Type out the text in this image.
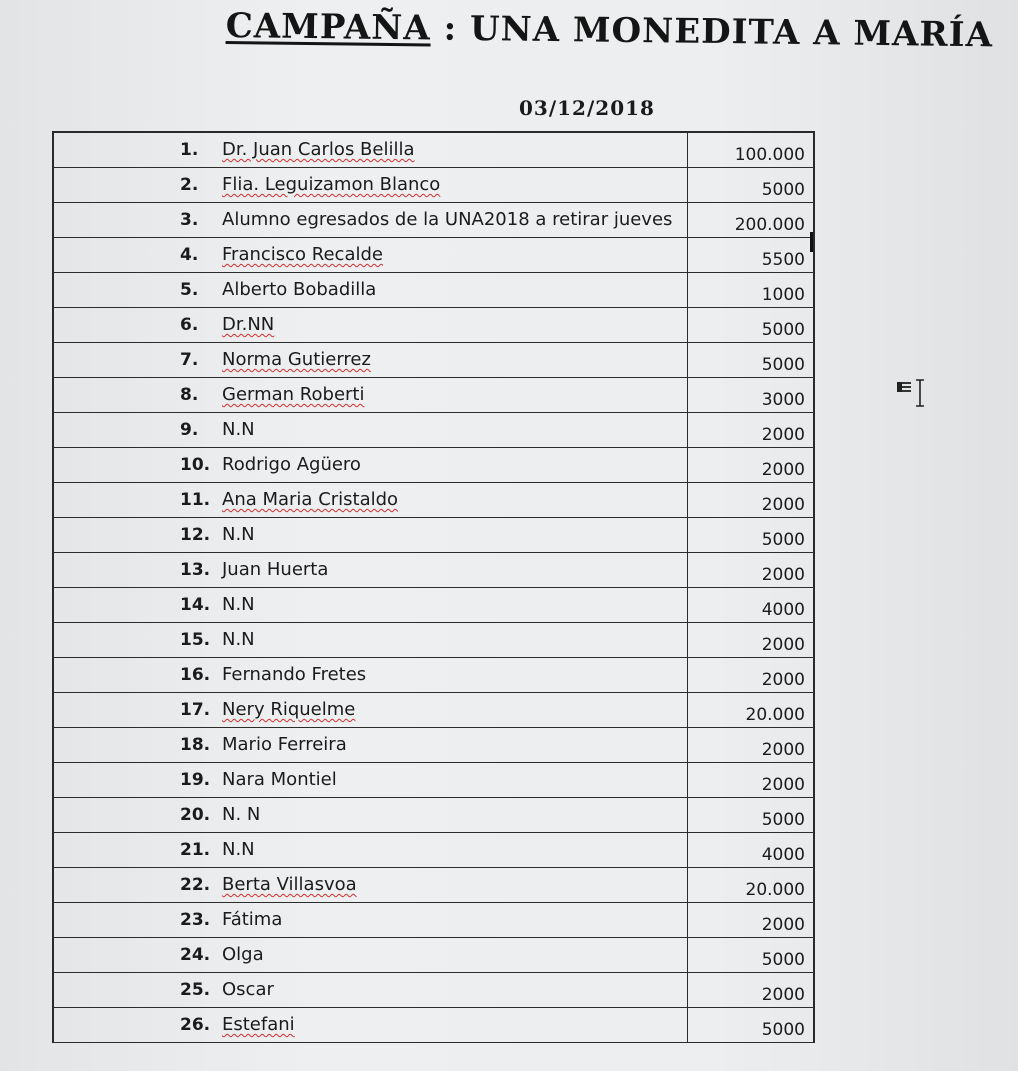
CAMPAÑA : UNA MONEDITA A MARÍA
03/12/2018
1. Dr. Juan Carlos Belilla	100.000
2. Flia. Leguizamon Blanco	5000
3. Alumno egresados de la UNA2018 a retirar jueves	200.000
4. Francisco Recalde	5500
5. Alberto Bobadilla	1000
6. Dr.NN	5000
7. Norma Gutierrez	5000
8. German Roberti	3000
9. N.N	2000
10. Rodrigo Agüero	2000
11. Ana Maria Cristaldo	2000
12. N.N	5000
13. Juan Huerta	2000
14. N.N	4000
15. N.N	2000
16. Fernando Fretes	2000
17. Nery Riquelme	20.000
18. Mario Ferreira	2000
19. Nara Montiel	2000
20. N. N	5000
21. N.N	4000
22. Berta Villasvoa	20.000
23. Fátima	2000
24. Olga	5000
25. Oscar	2000
26. Estefani	5000
